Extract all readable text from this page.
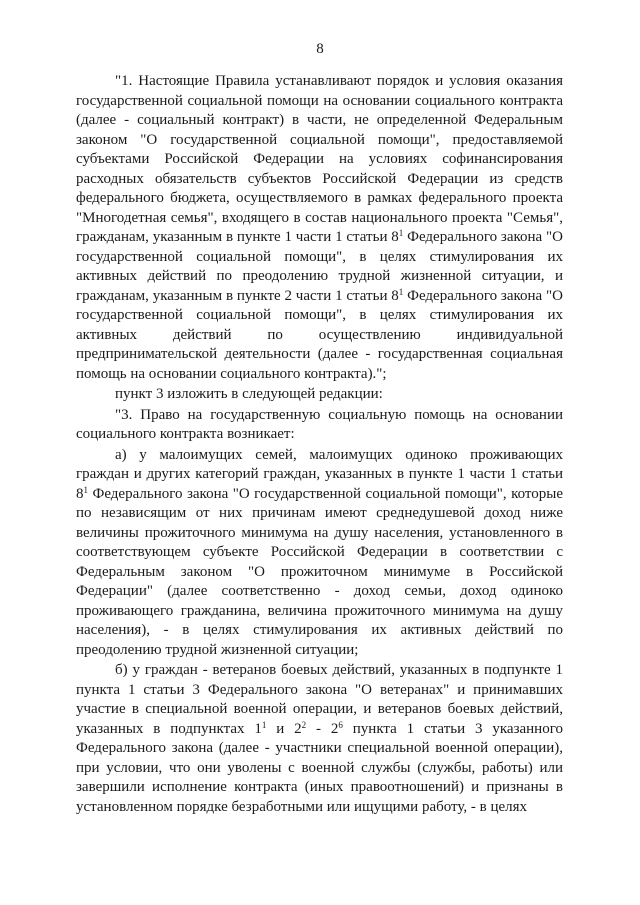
8

"1. Настоящие Правила устанавливают порядок и условия оказания государственной социальной помощи на основании социального контракта (далее - социальный контракт) в части, не определенной Федеральным законом "О государственной социальной помощи", предоставляемой субъектами Российской Федерации на условиях софинансирования расходных обязательств субъектов Российской Федерации из средств федерального бюджета, осуществляемого в рамках федерального проекта "Многодетная семья", входящего в состав национального проекта "Семья", гражданам, указанным в пункте 1 части 1 статьи $8^1$ Федерального закона "О государственной социальной помощи", в целях стимулирования их активных действий по преодолению трудной жизненной ситуации, и гражданам, указанным в пункте 2 части 1 статьи $8^1$ Федерального закона "О государственной социальной помощи", в целях стимулирования их активных действий по осуществлению индивидуальной предпринимательской деятельности (далее - государственная социальная помощь на основании социального контракта).";

пункт 3 изложить в следующей редакции:

"3. Право на государственную социальную помощь на основании социального контракта возникает:

а) у малоимущих семей, малоимущих одиноко проживающих граждан и других категорий граждан, указанных в пункте 1 части 1 статьи $8^1$ Федерального закона "О государственной социальной помощи", которые по независящим от них причинам имеют среднедушевой доход ниже величины прожиточного минимума на душу населения, установленного в соответствующем субъекте Российской Федерации в соответствии с Федеральным законом "О прожиточном минимуме в Российской Федерации" (далее соответственно - доход семьи, доход одиноко проживающего гражданина, величина прожиточного минимума на душу населения), - в целях стимулирования их активных действий по преодолению трудной жизненной ситуации;

б) у граждан - ветеранов боевых действий, указанных в подпункте 1 пункта 1 статьи 3 Федерального закона "О ветеранах" и принимавших участие в специальной военной операции, и ветеранов боевых действий, указанных в подпунктах $1^1$ и $2^2 - 2^6$ пункта 1 статьи 3 указанного Федерального закона (далее - участники специальной военной операции), при условии, что они уволены с военной службы (службы, работы) или завершили исполнение контракта (иных правоотношений) и признаны в установленном порядке безработными или ищущими работу, - в целях
